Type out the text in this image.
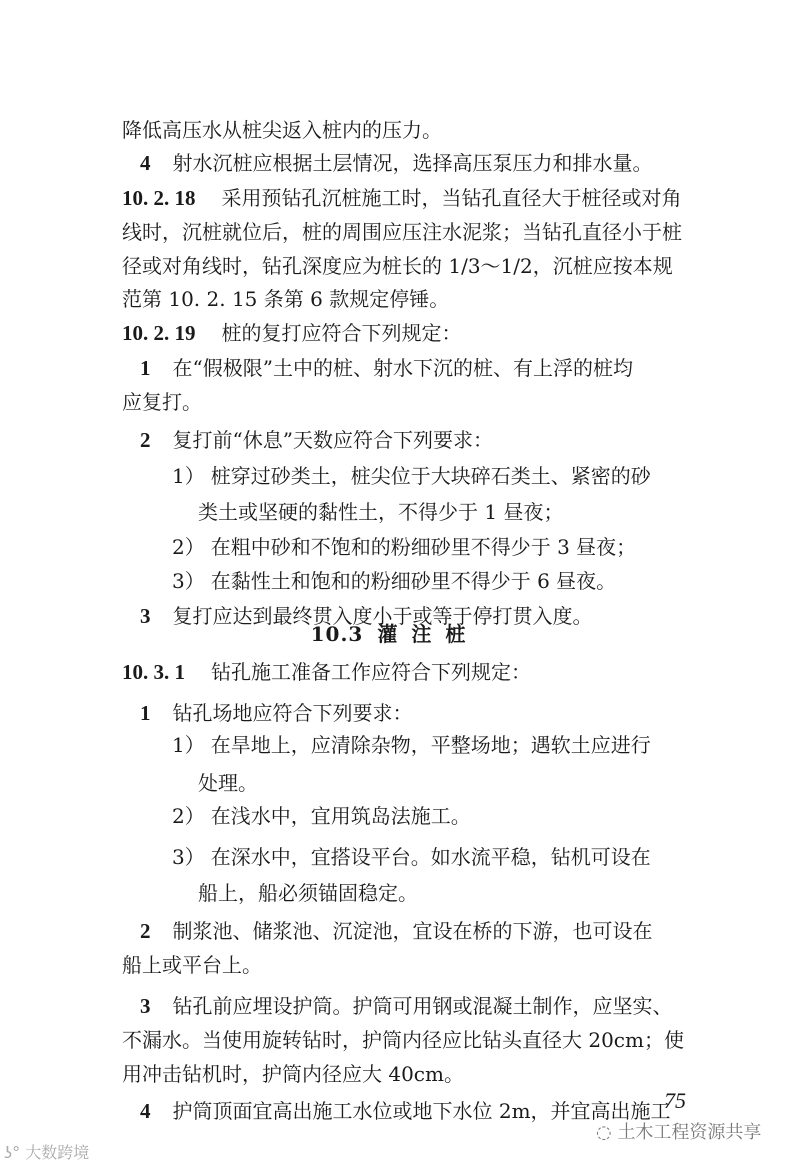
降低高压水从桩尖返入桩内的压力。
4 射水沉桩应根据土层情况，选择高压泵压力和排水量。
10. 2. 18 采用预钻孔沉桩施工时，当钻孔直径大于桩径或对角
线时，沉桩就位后，桩的周围应压注水泥浆；当钻孔直径小于桩
径或对角线时，钻孔深度应为桩长的 1/3～1/2，沉桩应按本规
范第 10. 2. 15 条第 6 款规定停锤。
10. 2. 19 桩的复打应符合下列规定：
1 在“假极限”土中的桩、射水下沉的桩、有上浮的桩均
应复打。
2 复打前“休息”天数应符合下列要求：
1） 桩穿过砂类土，桩尖位于大块碎石类土、紧密的砂
类土或坚硬的黏性土，不得少于 1 昼夜；
2） 在粗中砂和不饱和的粉细砂里不得少于 3 昼夜；
3） 在黏性土和饱和的粉细砂里不得少于 6 昼夜。
3 复打应达到最终贯入度小于或等于停打贯入度。
10. 3. 1 钻孔施工准备工作应符合下列规定：
1 钻孔场地应符合下列要求：
1） 在旱地上，应清除杂物，平整场地；遇软土应进行
处理。
2） 在浅水中，宜用筑岛法施工。
3） 在深水中，宜搭设平台。如水流平稳，钻机可设在
船上，船必须锚固稳定。
2 制浆池、储浆池、沉淀池，宜设在桥的下游，也可设在
船上或平台上。
3 钻孔前应埋设护筒。护筒可用钢或混凝土制作，应坚实、
不漏水。当使用旋转钻时，护筒内径应比钻头直径大 20cm；使
用冲击钻机时，护筒内径应大 40cm。
4 护筒顶面宜高出施工水位或地下水位 2m，并宜高出施工
10.3 灌注桩
75
◌ 土木工程资源共享
ʖ° 大数跨境
